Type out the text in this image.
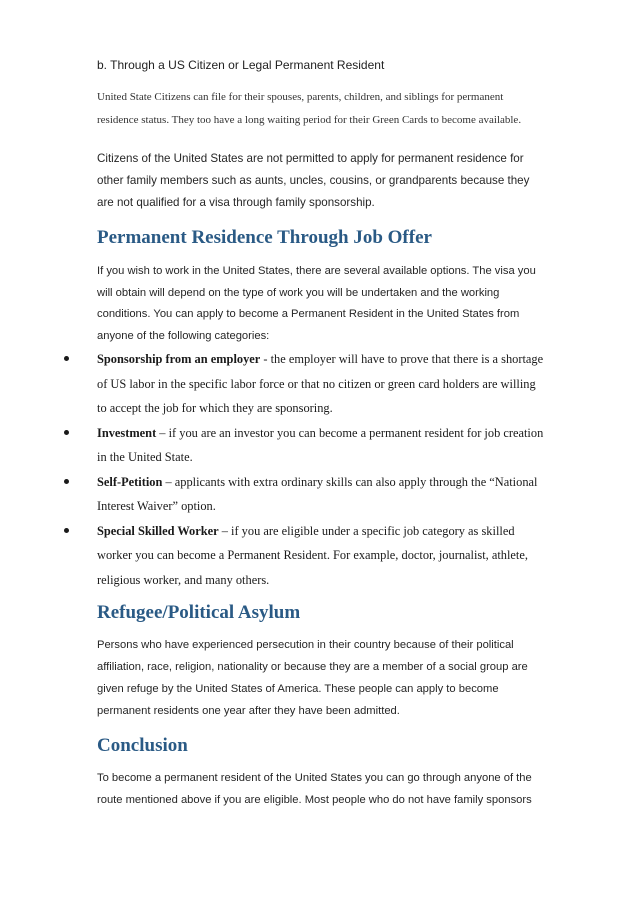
b. Through a US Citizen or Legal Permanent Resident

United State Citizens can file for their spouses, parents, children, and siblings for permanent residence status. They too have a long waiting period for their Green Cards to become available.

Citizens of the United States are not permitted to apply for permanent residence for other family members such as aunts, uncles, cousins, or grandparents because they are not qualified for a visa through family sponsorship.

Permanent Residence Through Job Offer

If you wish to work in the United States, there are several available options. The visa you will obtain will depend on the type of work you will be undertaken and the working conditions. You can apply to become a Permanent Resident in the United States from anyone of the following categories:

Sponsorship from an employer - the employer will have to prove that there is a shortage of US labor in the specific labor force or that no citizen or green card holders are willing to accept the job for which they are sponsoring.
Investment – if you are an investor you can become a permanent resident for job creation in the United State.
Self-Petition – applicants with extra ordinary skills can also apply through the “National Interest Waiver” option.
Special Skilled Worker – if you are eligible under a specific job category as skilled worker you can become a Permanent Resident. For example, doctor, journalist, athlete, religious worker, and many others.
Refugee/Political Asylum

Persons who have experienced persecution in their country because of their political affiliation, race, religion, nationality or because they are a member of a social group are given refuge by the United States of America. These people can apply to become permanent residents one year after they have been admitted.

Conclusion

To become a permanent resident of the United States you can go through anyone of the route mentioned above if you are eligible. Most people who do not have family sponsors
